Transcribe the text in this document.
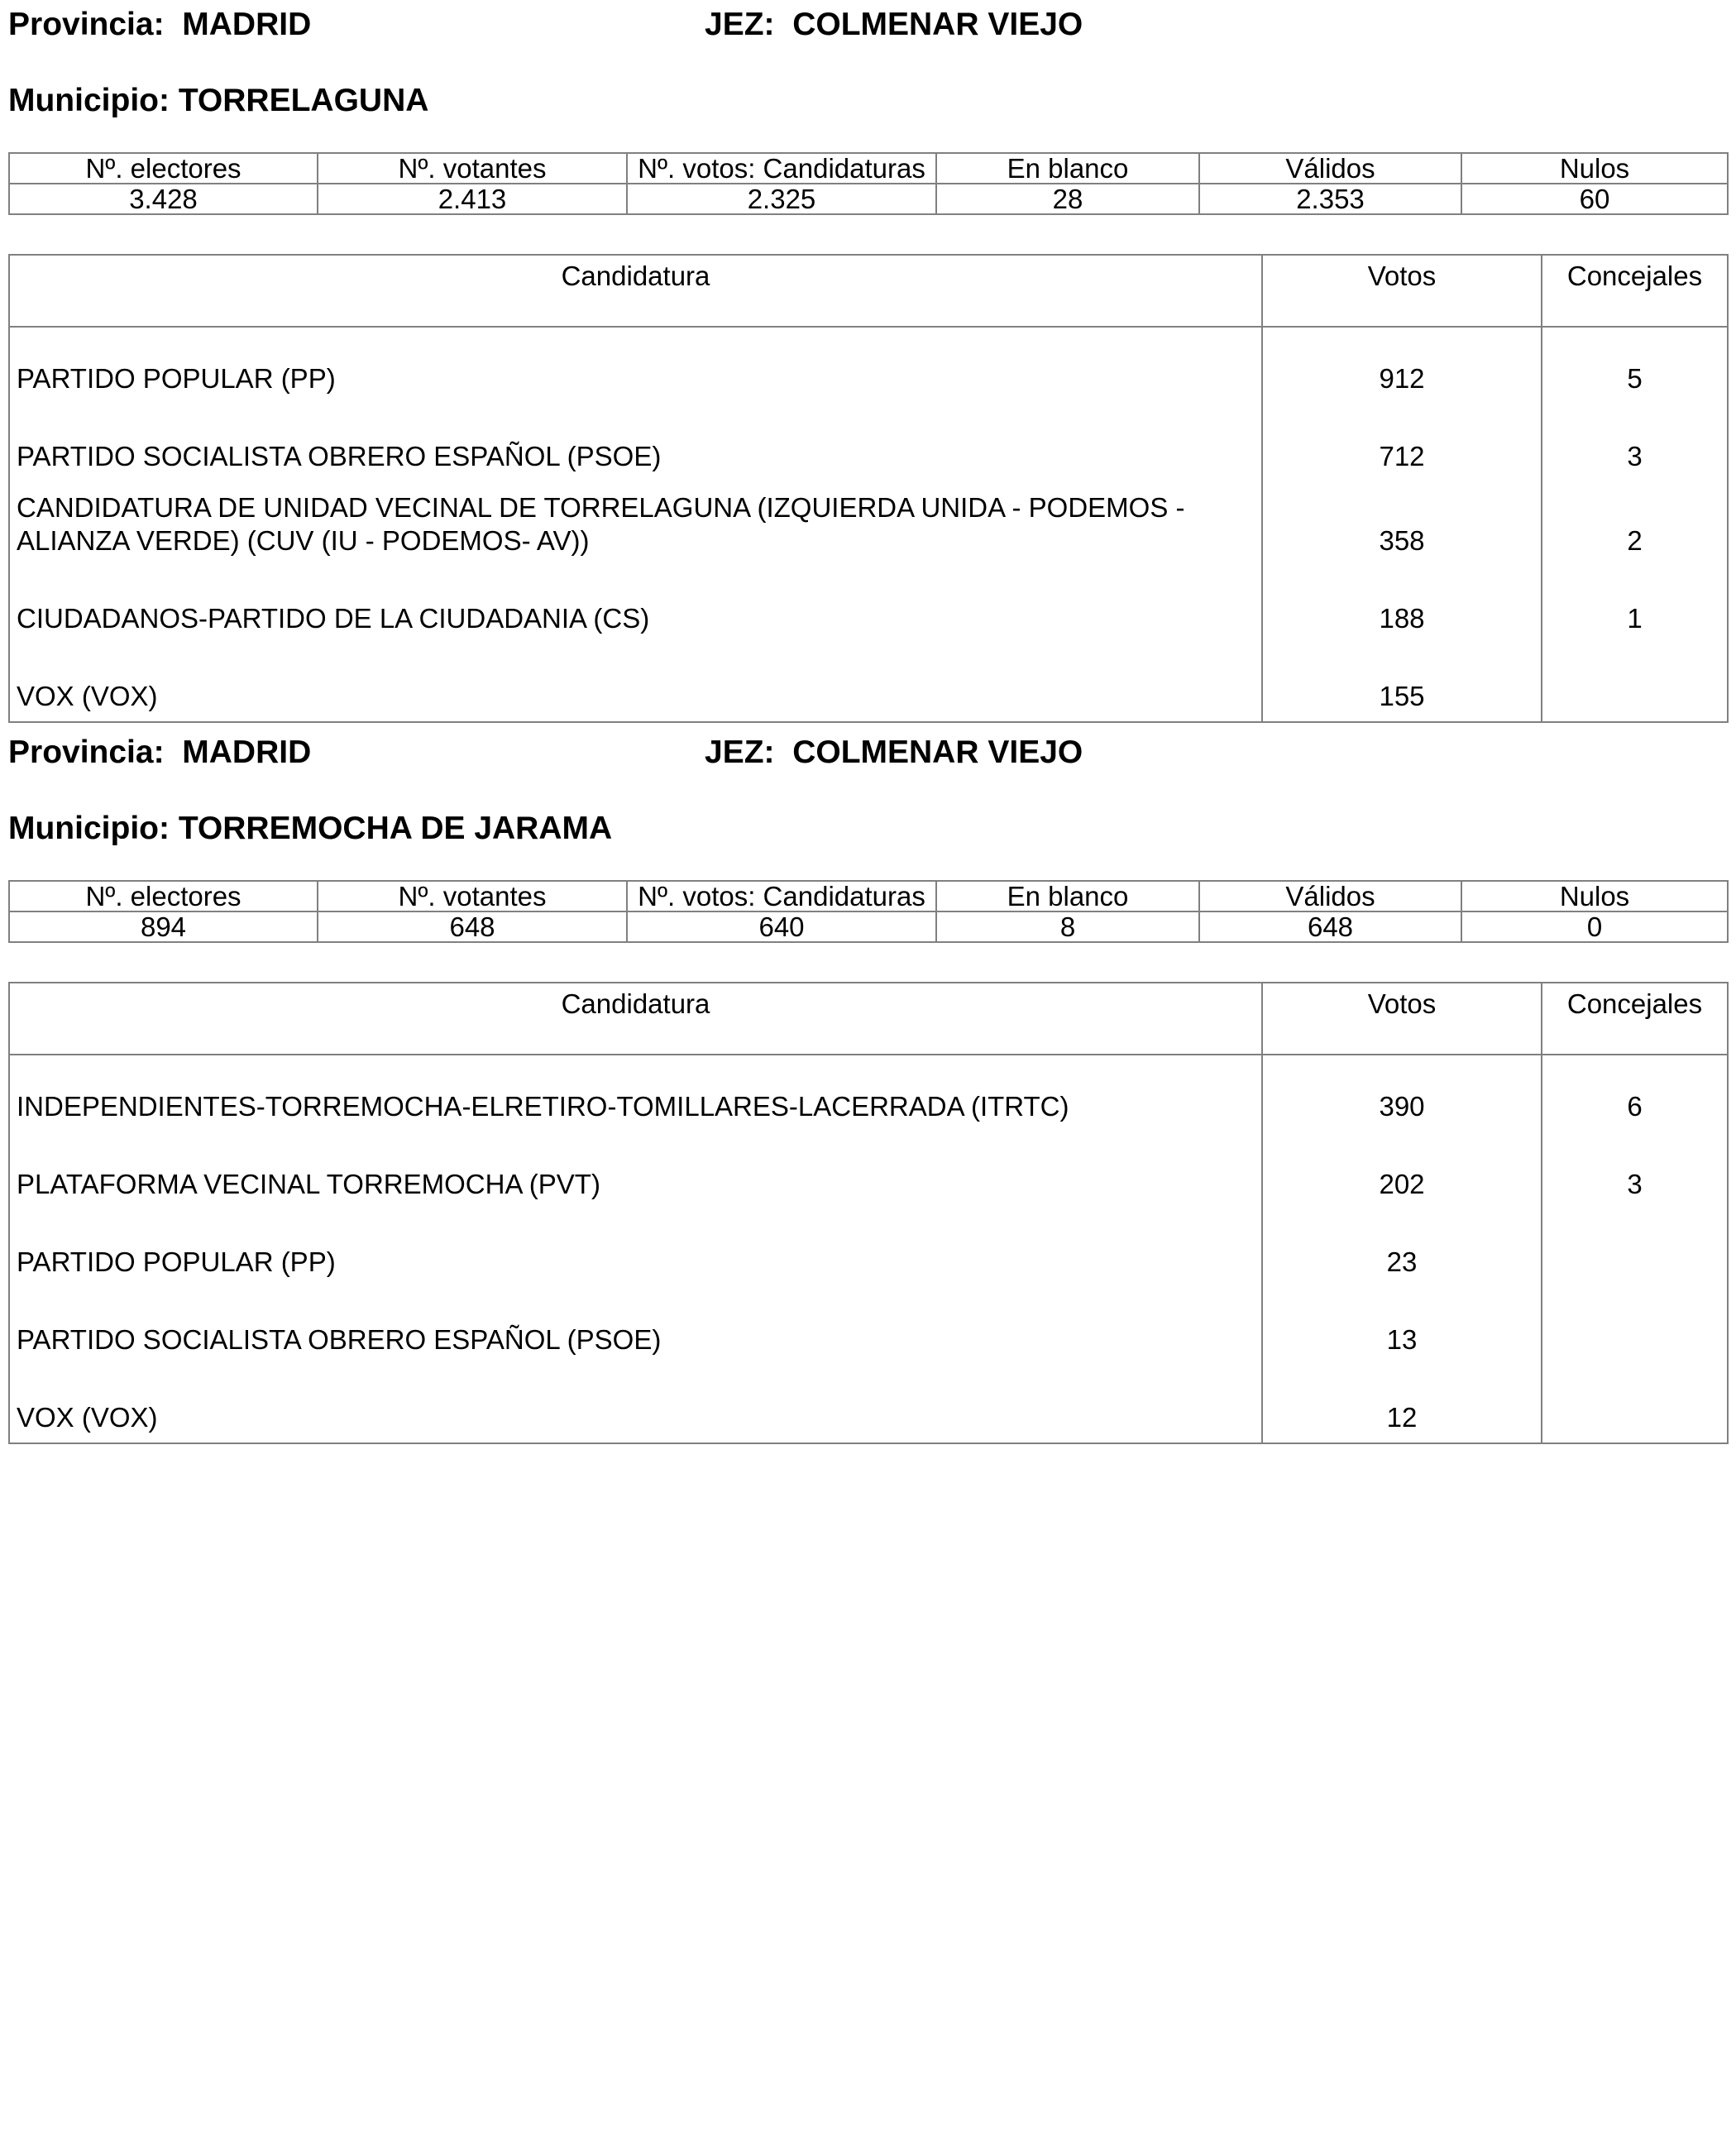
Provincia: MADRID	JEZ: COLMENAR VIEJO
Municipio: TORRELAGUNA
Nº. electores	Nº. votantes	Nº. votos: Candidaturas	En blanco	Válidos	Nulos
3.428	2.413	2.325	28	2.353	60
Candidatura	Votos	Concejales
PARTIDO POPULAR (PP)	912	5
PARTIDO SOCIALISTA OBRERO ESPAÑOL (PSOE)	712	3
CANDIDATURA DE UNIDAD VECINAL DE TORRELAGUNA (IZQUIERDA UNIDA - PODEMOS - ALIANZA VERDE) (CUV (IU - PODEMOS- AV))	358	2
CIUDADANOS-PARTIDO DE LA CIUDADANIA (CS)	188	1
VOX (VOX)	155	
Provincia: MADRID	JEZ: COLMENAR VIEJO
Municipio: TORREMOCHA DE JARAMA
Nº. electores	Nº. votantes	Nº. votos: Candidaturas	En blanco	Válidos	Nulos
894	648	640	8	648	0
Candidatura	Votos	Concejales
INDEPENDIENTES-TORREMOCHA-ELRETIRO-TOMILLARES-LACERRADA (ITRTC)	390	6
PLATAFORMA VECINAL TORREMOCHA (PVT)	202	3
PARTIDO POPULAR (PP)	23	
PARTIDO SOCIALISTA OBRERO ESPAÑOL (PSOE)	13	
VOX (VOX)	12	
